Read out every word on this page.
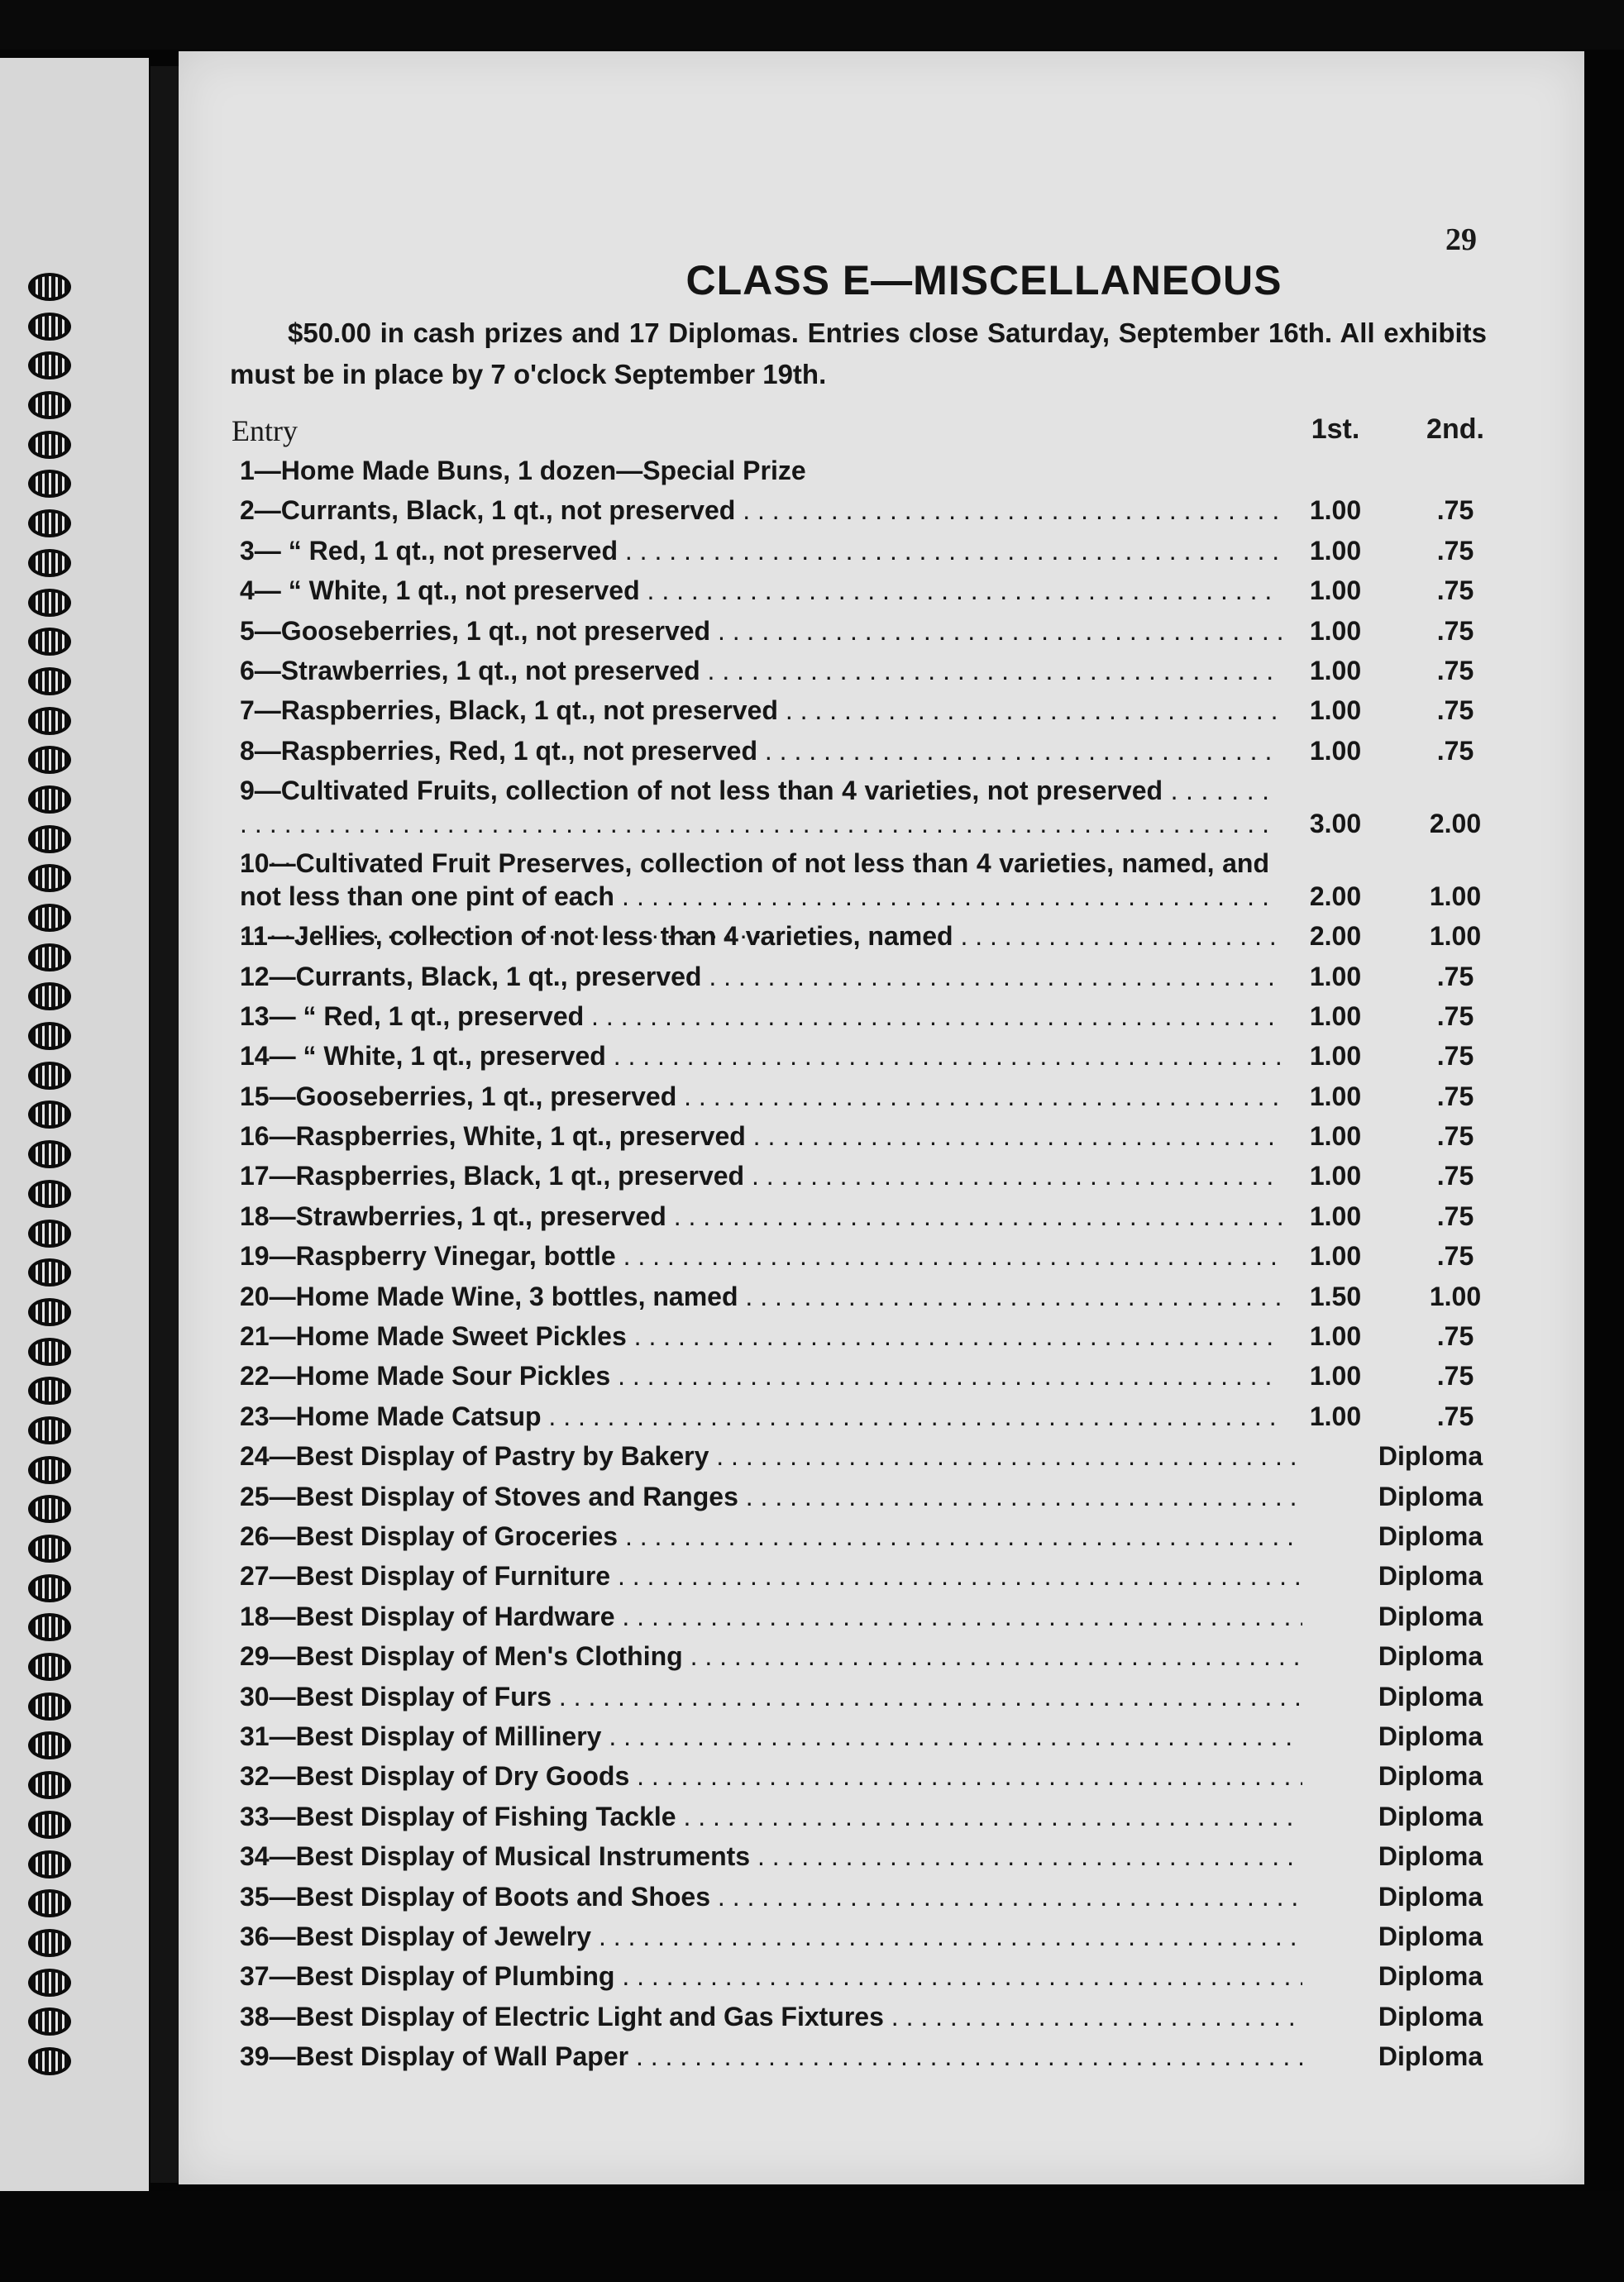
29

CLASS E—MISCELLANEOUS

$50.00 in cash prizes and 17 Diplomas. Entries close Saturday, September 16th. All exhibits must be in place by 7 o'clock September 19th.

Entry	1st.	2nd.
1—Home Made Buns, 1 dozen—Special Prize
2—Currants, Black, 1 qt., not preserved . . .	1.00	.75
3— “ Red, 1 qt., not preserved . . .	1.00	.75
4— “ White, 1 qt., not preserved . . .	1.00	.75
5—Gooseberries, 1 qt., not preserved . . .	1.00	.75
6—Strawberries, 1 qt., not preserved . . .	1.00	.75
7—Raspberries, Black, 1 qt., not preserved . . .	1.00	.75
8—Raspberries, Red, 1 qt., not preserved . . .	1.00	.75
9—Cultivated Fruits, collection of not less than 4 varieties, not preserved . . .
3.00	2.00
10—Cultivated Fruit Preserves, collection of not less than 4 varieties, named, and not less than one pint of each . . .	2.00	1.00
11—Jellies, collection of not less than 4 varieties, named . . .	2.00	1.00
12—Currants, Black, 1 qt., preserved . . .	1.00	.75
13— “ Red, 1 qt., preserved . . .	1.00	.75
14— “ White, 1 qt., preserved . . .	1.00	.75
15—Gooseberries, 1 qt., preserved . . .	1.00	.75
16—Raspberries, White, 1 qt., preserved . . .	1.00	.75
17—Raspberries, Black, 1 qt., preserved . . .	1.00	.75
18—Strawberries, 1 qt., preserved . . .	1.00	.75
19—Raspberry Vinegar, bottle . . .	1.00	.75
20—Home Made Wine, 3 bottles, named . . .	1.50	1.00
21—Home Made Sweet Pickles . . .	1.00	.75
22—Home Made Sour Pickles . . .	1.00	.75
23—Home Made Catsup . . .	1.00	.75
24—Best Display of Pastry by Bakery . . .	Diploma
25—Best Display of Stoves and Ranges . . .	Diploma
26—Best Display of Groceries . . .	Diploma
27—Best Display of Furniture . . .	Diploma
18—Best Display of Hardware . . .	Diploma
29—Best Display of Men's Clothing . . .	Diploma
30—Best Display of Furs . . .	Diploma
31—Best Display of Millinery . . .	Diploma
32—Best Display of Dry Goods . . .	Diploma
33—Best Display of Fishing Tackle . . .	Diploma
34—Best Display of Musical Instruments . . .	Diploma
35—Best Display of Boots and Shoes . . .	Diploma
36—Best Display of Jewelry . . .	Diploma
37—Best Display of Plumbing . . .	Diploma
38—Best Display of Electric Light and Gas Fixtures . . .	Diploma
39—Best Display of Wall Paper . . .	Diploma
